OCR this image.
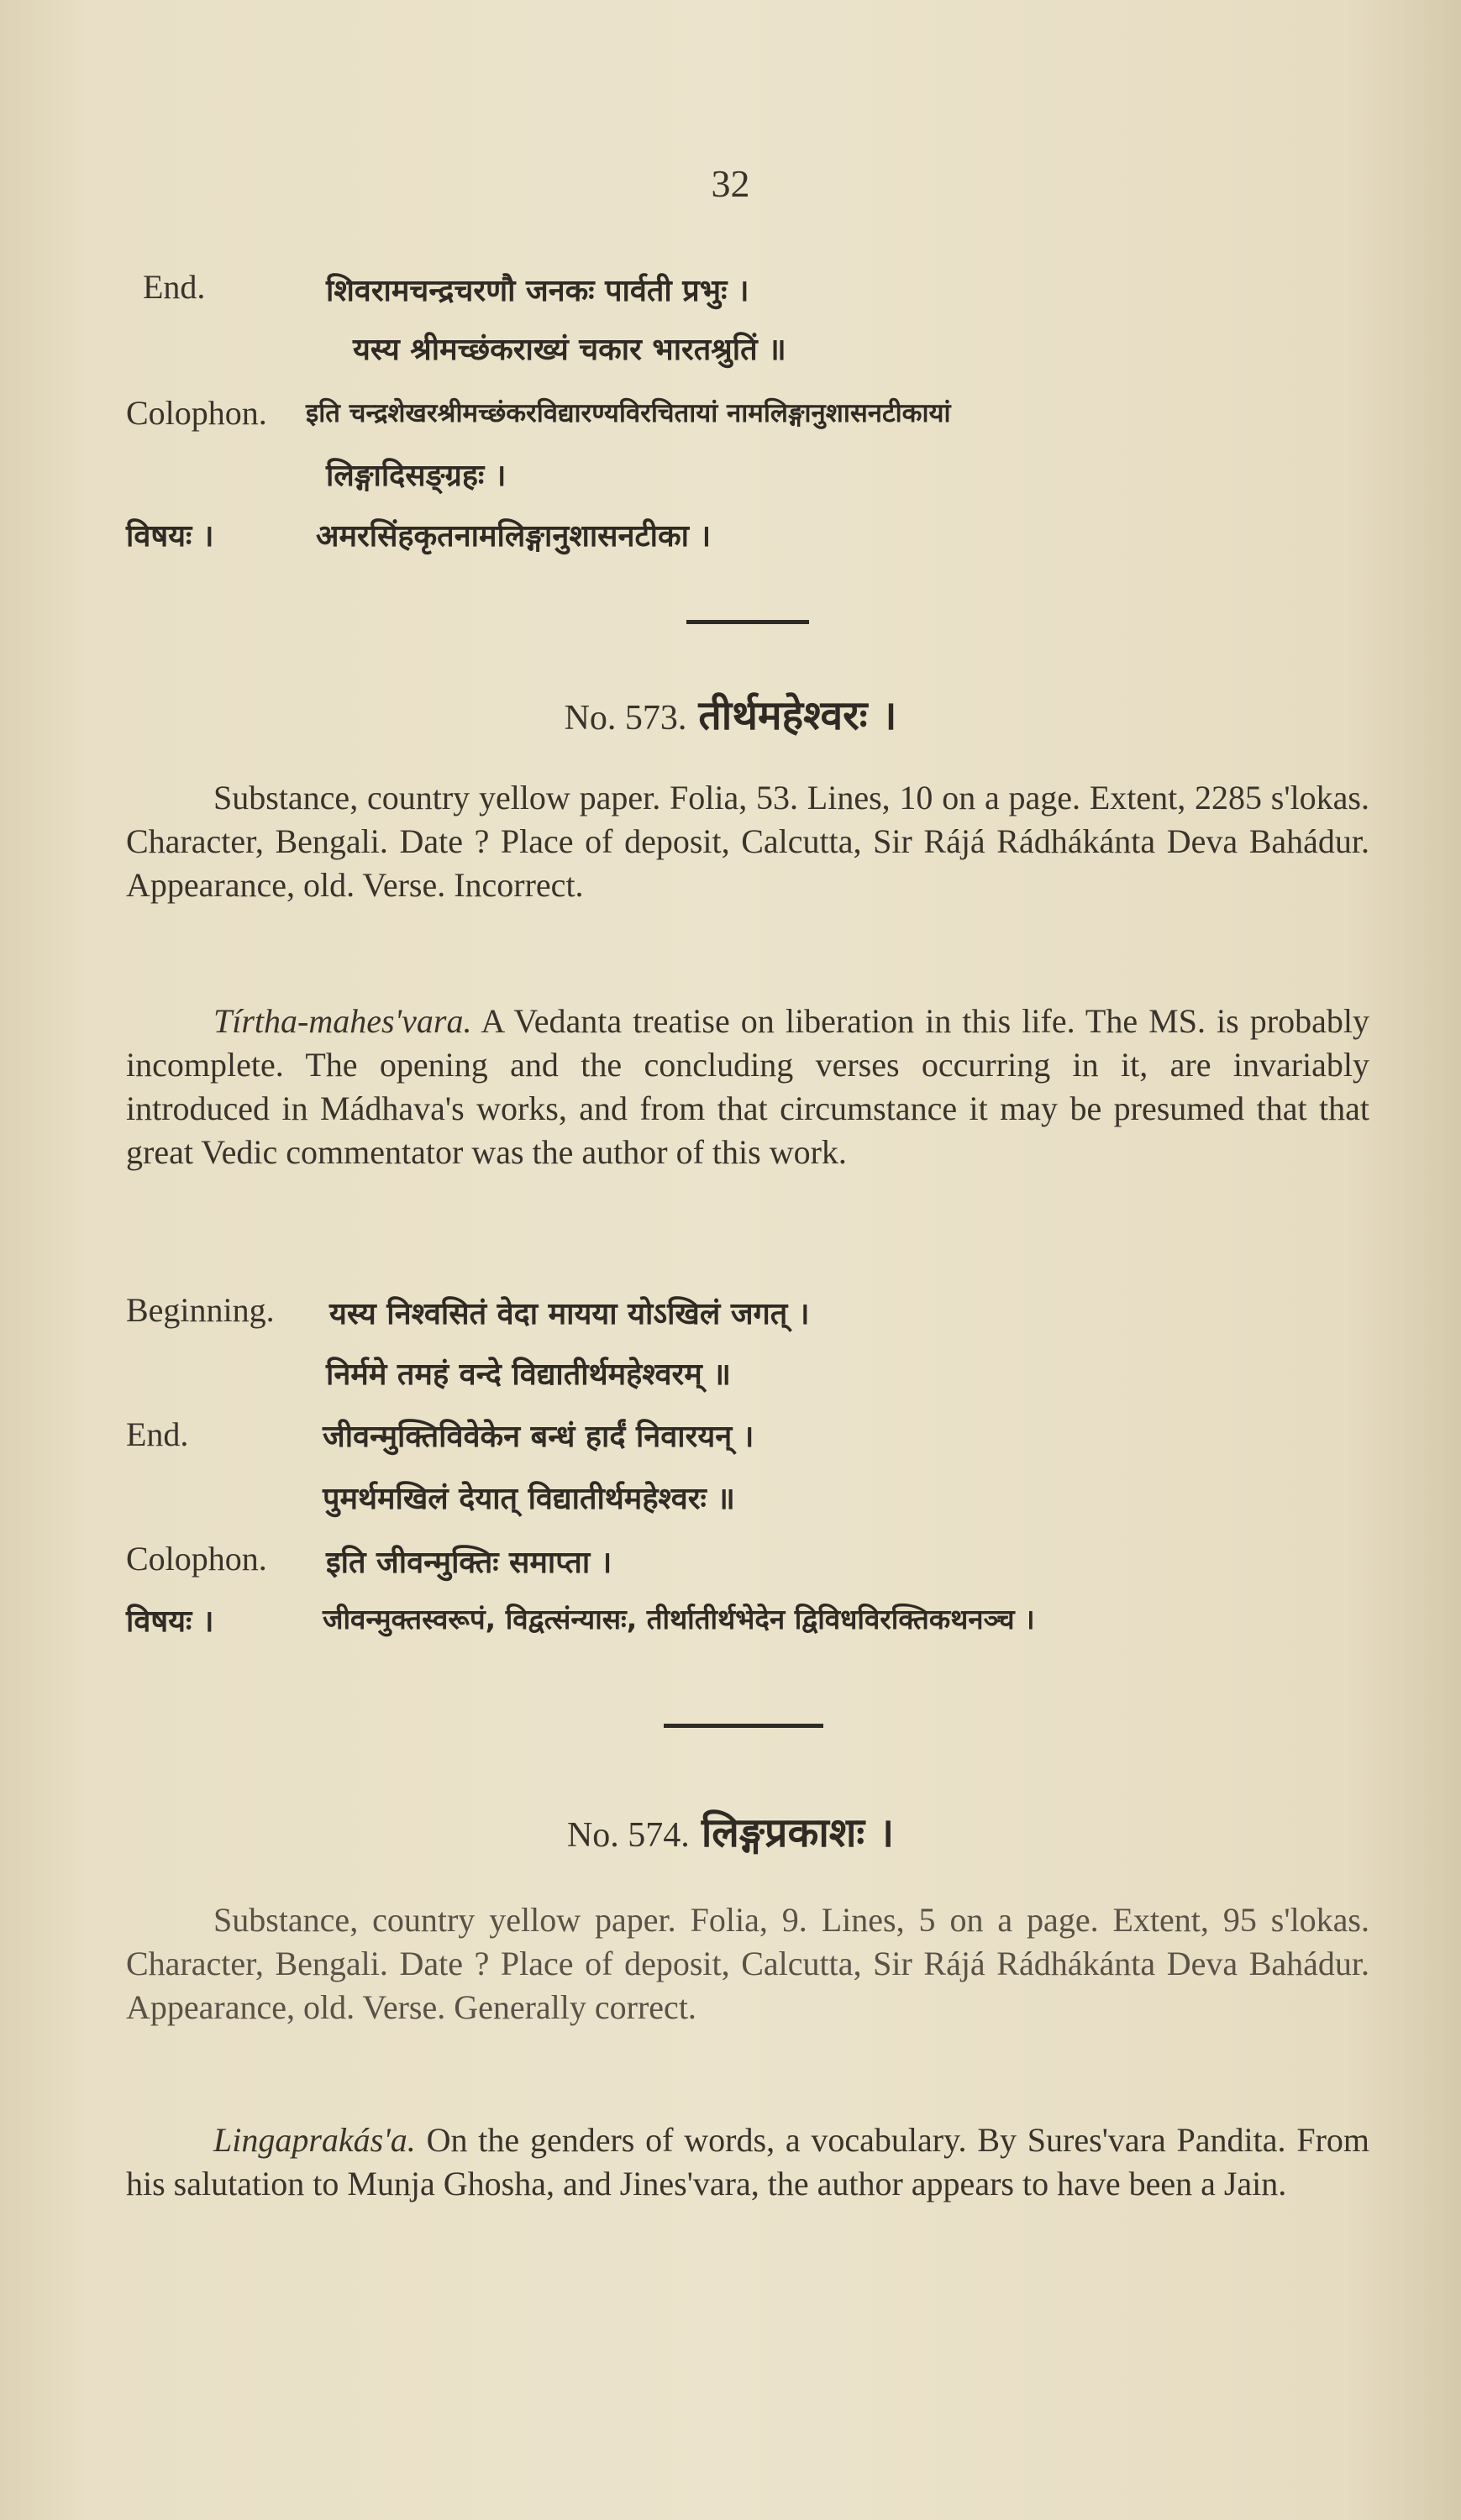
32
End.	शिवरामचन्द्रचरणौ जनकः पार्वती प्रभुः ।
यस्य श्रीमच्छंकराख्यं चकार भारतश्रुतिं ॥
Colophon. इति चन्द्रशेखरश्रीमच्छंकरविद्यारण्यविरचितायां नामलिङ्गानुशासनटीकायां
लिङ्गादिसङ्ग्रहः ।
विषयः ।	अमरसिंहकृतनामलिङ्गानुशासनटीका ।
No. 573. तीर्थमहेश्वरः ।

Substance, country yellow paper. Folia, 53. Lines, 10 on a page. Extent, 2285 s'lokas. Character, Bengali. Date ? Place of deposit, Calcutta, Sir Rájá Rádhákánta Deva Bahádur. Appearance, old. Verse. Incorrect.

Tírtha-mahes'vara. A Vedanta treatise on liberation in this life. The MS. is probably incomplete. The opening and the concluding verses occurring in it, are invariably introduced in Mádhava's works, and from that circumstance it may be presumed that that great Vedic commentator was the author of this work.

Beginning. यस्य निश्वसितं वेदा मायया योऽखिलं जगत् ।
निर्ममे तमहं वन्दे विद्यातीर्थमहेश्वरम् ॥
End.	जीवन्मुक्तिविवेकेन बन्धं हार्दं निवारयन् ।
पुमर्थमखिलं देयात् विद्यातीर्थमहेश्वरः ॥
Colophon. इति जीवन्मुक्तिः समाप्ता ।
विषयः ।	जीवन्मुक्तस्वरूपं, विद्वत्संन्यासः, तीर्थातीर्थभेदेन द्विविधविरक्तिकथनञ्च ।
No. 574. लिङ्गप्रकाशः ।

Substance, country yellow paper. Folia, 9. Lines, 5 on a page. Extent, 95 s'lokas. Character, Bengali. Date ? Place of deposit, Calcutta, Sir Rájá Rádhákánta Deva Bahádur. Appearance, old. Verse. Generally correct.

Lingaprakás'a. On the genders of words, a vocabulary. By Sures'vara Pandita. From his salutation to Munja Ghosha, and Jines'vara, the author appears to have been a Jain.
